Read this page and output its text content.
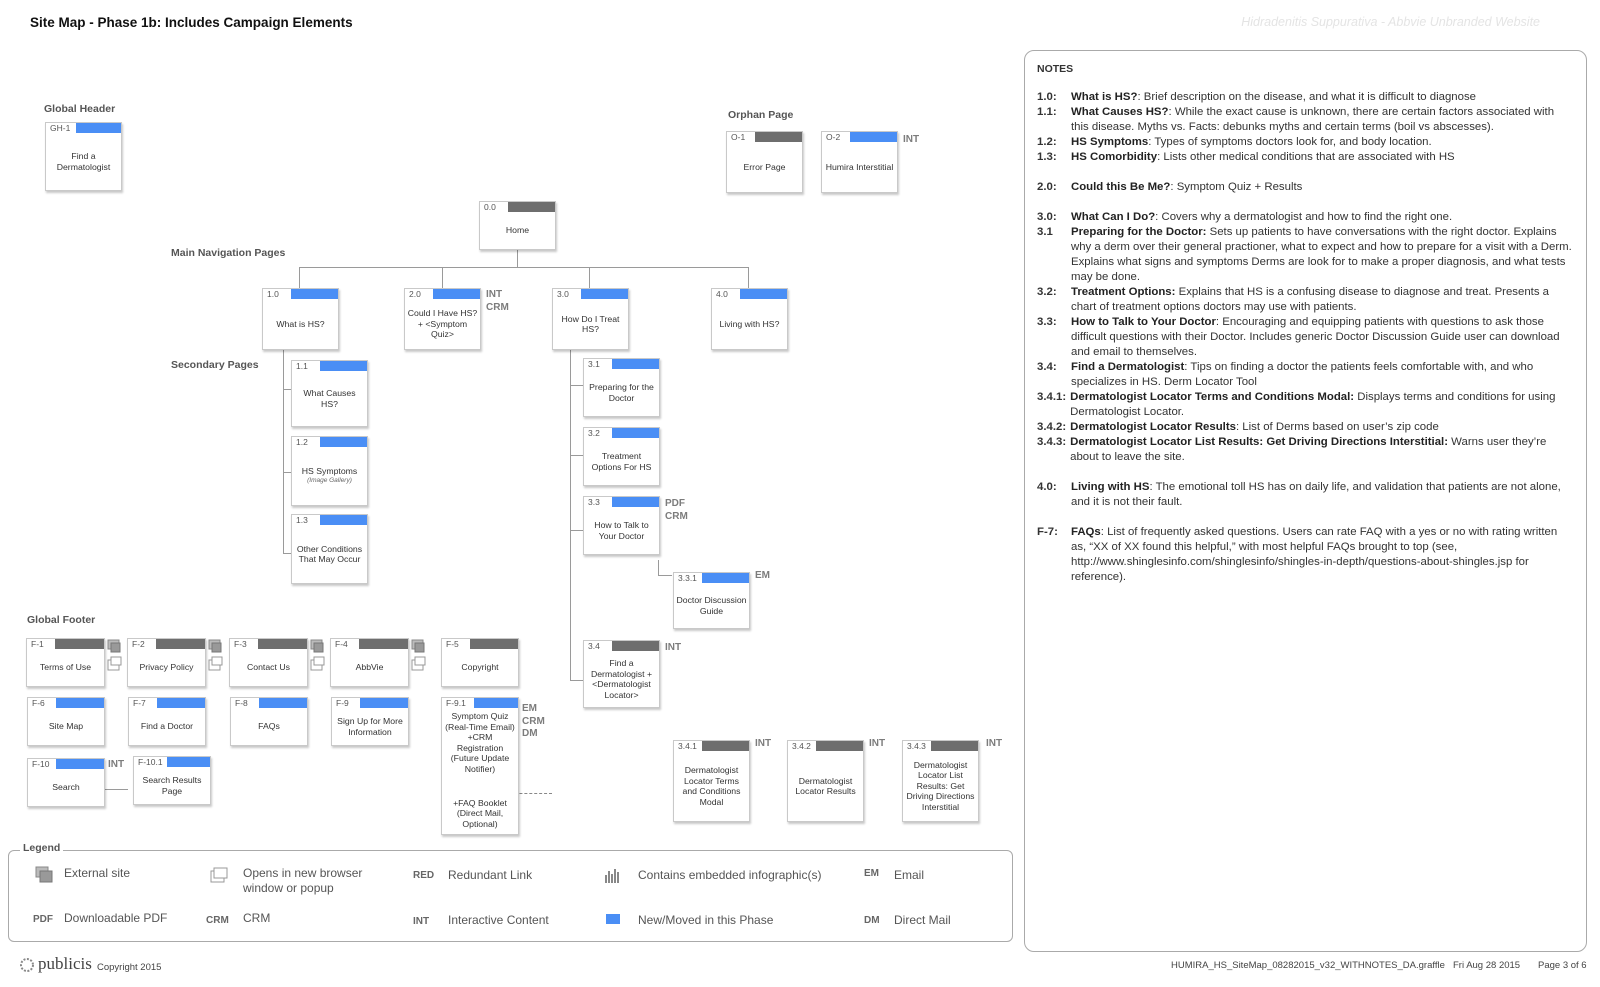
Site Map - Phase 1b: Includes Campaign Elements	Hidradenitis Suppurativa - Abbvie Unbranded Website
Global Header	Orphan Page
Main Navigation Pages
Secondary Pages
Global Footer
GH-1
Find a Dermatologist
O-1
Error Page
O-2
Humira Interstitial
INT
0.0
Home
1.0
What is HS?
2.0
Could I Have HS?+ <Symptom Quiz>
INT
CRM
3.0
How Do I Treat HS?
4.0
Living with HS?
1.1
What Causes HS?
1.2
HS Symptoms
(Image Gallery)
1.3
Other Conditions That May Occur
3.1
Preparing for the Doctor
3.2
Treatment Options For HS
3.3
How to Talk to Your Doctor
PDF
CRM
3.3.1
Doctor Discussion Guide
EM
3.4
Find a Dermatologist + <Dermatologist Locator>
INT
3.4.1
Dermatologist Locator Terms and Conditions Modal
INT	3.4.2
Dermatologist Locator Results
INT	3.4.3
Dermatologist Locator List Results: Get Driving Directions Interstitial
INT
F-1
Terms of Use
F-2
Privacy Policy
F-3
Contact Us
F-4
AbbVie
F-5
Copyright
F-6
Site Map
F-7
Find a Doctor
F-8
FAQs
F-9
Sign Up for More Information
F-9.1
Symptom Quiz (Real-Time Email) +CRM Registration (Future Update Notifier)
+FAQ Booklet (Direct Mail, Optional)
EM
CRM
DM
F-10
Search
INT	F-10.1
Search Results Page
NOTES
1.0:	What is HS?: Brief description on the disease, and what it is difficult to diagnose
1.1:	What Causes HS?: While the exact cause is unknown, there are certain factors associated with this disease. Myths vs. Facts: debunks myths and certain terms (boil vs abscesses).
1.2:	HS Symptoms: Types of symptoms doctors look for, and body location.
1.3:	HS Comorbidity: Lists other medical conditions that are associated with HS
2.0:	Could this Be Me?: Symptom Quiz + Results
3.0:	What Can I Do?: Covers why a dermatologist and how to find the right one.
3.1	Preparing for the Doctor: Sets up patients to have conversations with the right doctor. Explains why a derm over their general practioner, what to expect and how to prepare for a visit with a Derm. Explains what signs and symptoms Derms are look for to make a proper diagnosis, and what tests may be done.
3.2:	Treatment Options: Explains that HS is a confusing disease to diagnose and treat. Presents a chart of treatment options doctors may use with patients.
3.3:	How to Talk to Your Doctor: Encouraging and equipping patients with questions to ask those difficult questions with their Doctor. Includes generic Doctor Discussion Guide user can download and email to themselves.
3.4:	Find a Dermatologist: Tips on finding a doctor the patients feels comfortable with, and who specializes in HS. Derm Locator Tool
3.4.1: Dermatologist Locator Terms and Conditions Modal: Displays terms and conditions for using Dermatologist Locator.
3.4.2: Dermatologist Locator Results: List of Derms based on user’s zip code
3.4.3: Dermatologist Locator List Results: Get Driving Directions Interstitial: Warns user they’re about to leave the site.
4.0:	Living with HS: The emotional toll HS has on daily life, and validation that patients are not alone, and it is not their fault.
F-7:	FAQs: List of frequently asked questions. Users can rate FAQ with a yes or no with rating written as, “XX of XX found this helpful,” with most helpful FAQs brought to top (see, http://www.shinglesinfo.com/shinglesinfo/shingles-in-depth/questions-about-shingles.jsp for reference).
Legend
External site	Opens in new browser window or popup
RED Redundant Link	Contains embedded infographic(s)	EM Email
PDF Downloadable PDF	CRM CRM	INT Interactive Content	New/Moved in this Phase	DM Direct Mail
publicis Copyright 2015	HUMIRA_HS_SiteMap_08282015_v32_WITHNOTES_DA.graffle Fri Aug 28 2015 Page 3 of 6
